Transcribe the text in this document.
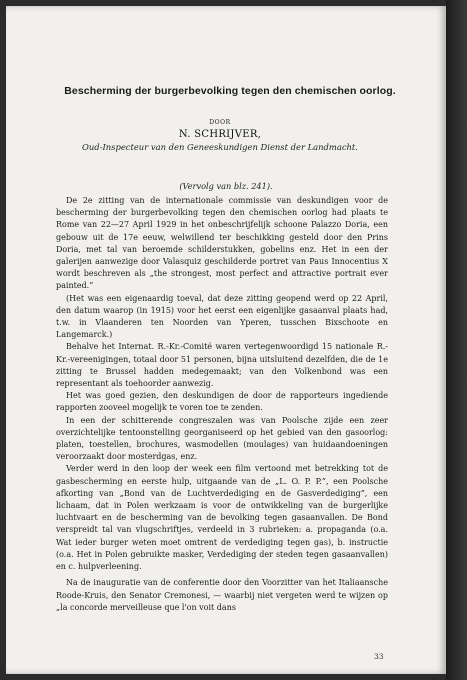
Bescherming der burgerbevolking tegen den chemischen oorlog.
DOOR
N. SCHRIJVER,
Oud-Inspecteur van den Geneeskundigen Dienst der Landmacht.
(Vervolg van blz. 241).

De 2e zitting van de internationale commissie van deskundigen voor de bescherming der burgerbevolking tegen den chemischen oorlog had plaats te Rome van 22—27 April 1929 in het onbeschrijfelijk schoone Palazzo Doria, een gebouw uit de 17e eeuw, welwillend ter beschikking gesteld door den Prins Doria, met tal van beroemde schilderstukken, gobelins enz. Het in een der galerijen aanwezige door Valasquiz geschilderde portret van Paus Innocentius X wordt beschreven als „the strongest, most perfect and attractive portrait ever painted.”

(Het was een eigenaardig toeval, dat deze zitting geopend werd op 22 April, den datum waarop (in 1915) voor het eerst een eigenlijke gasaanval plaats had, t.w. in Vlaanderen ten Noorden van Yperen, tusschen Bixschoote en Langemarck.)

Behalve het Internat. R.-Kr.-Comité waren vertegenwoordigd 15 nationale R.-Kr.-vereenigingen, totaal door 51 personen, bijna uitsluitend dezelfden, die de 1e zitting te Brussel hadden medegemaakt; van den Volkenbond was een representant als toehoorder aanwezig.

Het was goed gezien, den deskundigen de door de rapporteurs ingediende rapporten zooveel mogelijk te voren toe te zenden.

In een der schitterende congreszalen was van Poolsche zijde een zeer overzichtelijke tentoonstelling georganiseerd op het gebied van den gasoorlog: platen, toestellen, brochures, wasmodellen (moulages) van huidaandoeningen veroorzaakt door mosterdgas, enz.

Verder werd in den loop der week een film vertoond met betrekking tot de gasbescherming en eerste hulp, uitgaande van de „L. O. P. P.”, een Poolsche afkorting van „Bond van de Luchtverdediging en de Gasverdediging”, een lichaam, dat in Polen werkzaam is voor de ontwikkeling van de burgerlijke luchtvaart en de bescherming van de bevolking tegen gasaanvallen. De Bond verspreidt tal van vlugschriftjes, verdeeld in 3 rubrieken: a. propaganda (o.a. Wat ieder burger weten moet omtrent de verdediging tegen gas), b. instructie (o.a. Het in Polen gebruikte masker, Verdediging der steden tegen gasaanvallen) en c. hulpverleening.

Na de inauguratie van de conferentie door den Voorzitter van het Italiaansche Roode-Kruis, den Senator Cremonesi, — waarbij niet vergeten werd te wijzen op „la concorde merveilleuse que l'on voit dans

33
